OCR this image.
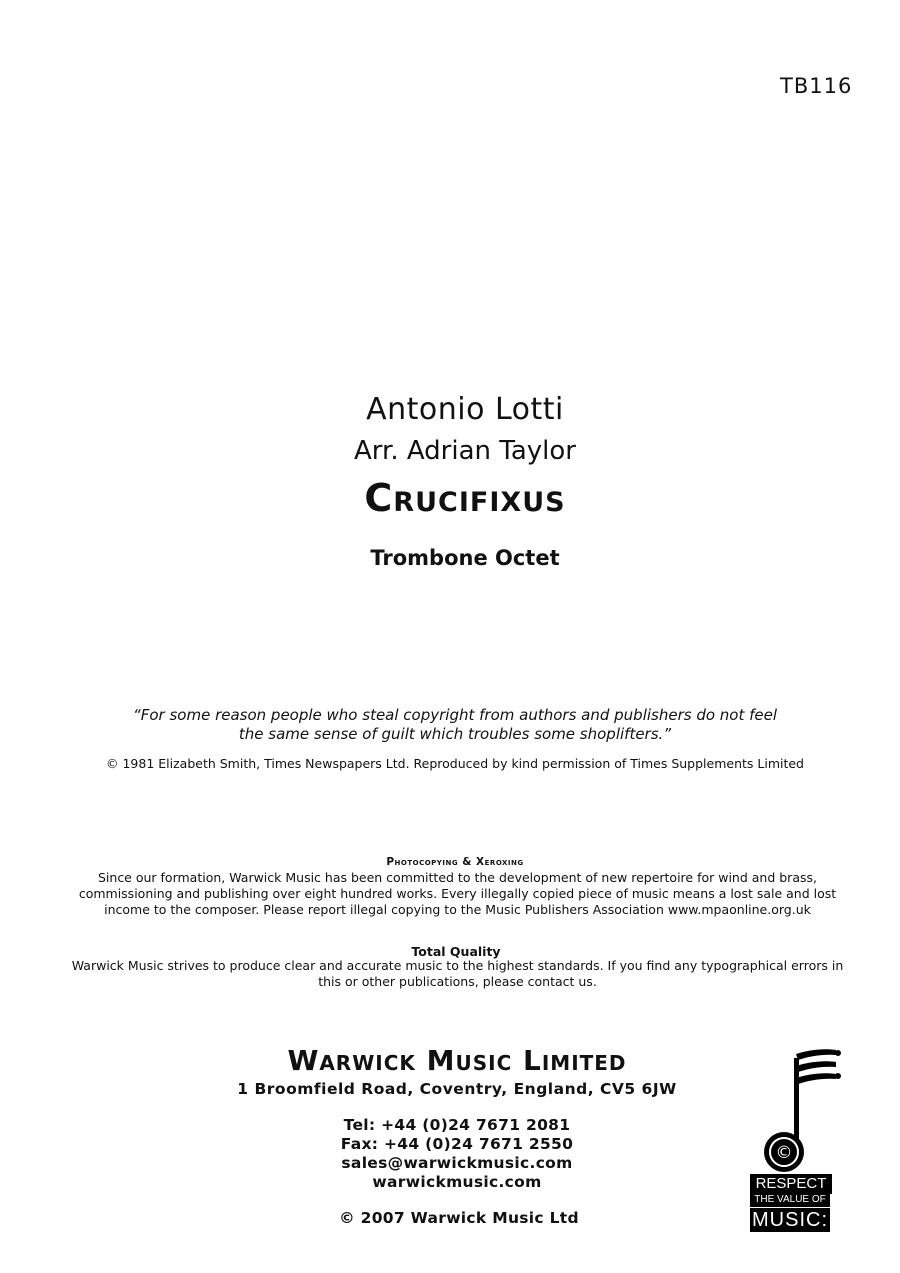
TB116
Antonio Lotti
Arr. Adrian Taylor
Crucifixus
Trombone Octet
“For some reason people who steal copyright from authors and publishers do not feel
the same sense of guilt which troubles some shoplifters.”
© 1981 Elizabeth Smith, Times Newspapers Ltd. Reproduced by kind permission of Times Supplements Limited
Photocopying & Xeroxing
Since our formation, Warwick Music has been committed to the development of new repertoire for wind and brass, commissioning and publishing over eight hundred works. Every illegally copied piece of music means a lost sale and lost income to the composer. Please report illegal copying to the Music Publishers Association www.mpaonline.org.uk
Total Quality
Warwick Music strives to produce clear and accurate music to the highest standards. If you find any typographical errors in this or other publications, please contact us.
Warwick Music Limited
1 Broomfield Road, Coventry, England, CV5 6JW
Tel: +44 (0)24 7671 2081
Fax: +44 (0)24 7671 2550
sales@warwickmusic.com
warwickmusic.com
© 2007 Warwick Music Ltd
©
RESPECT
THE VALUE OF
MUSIC:
